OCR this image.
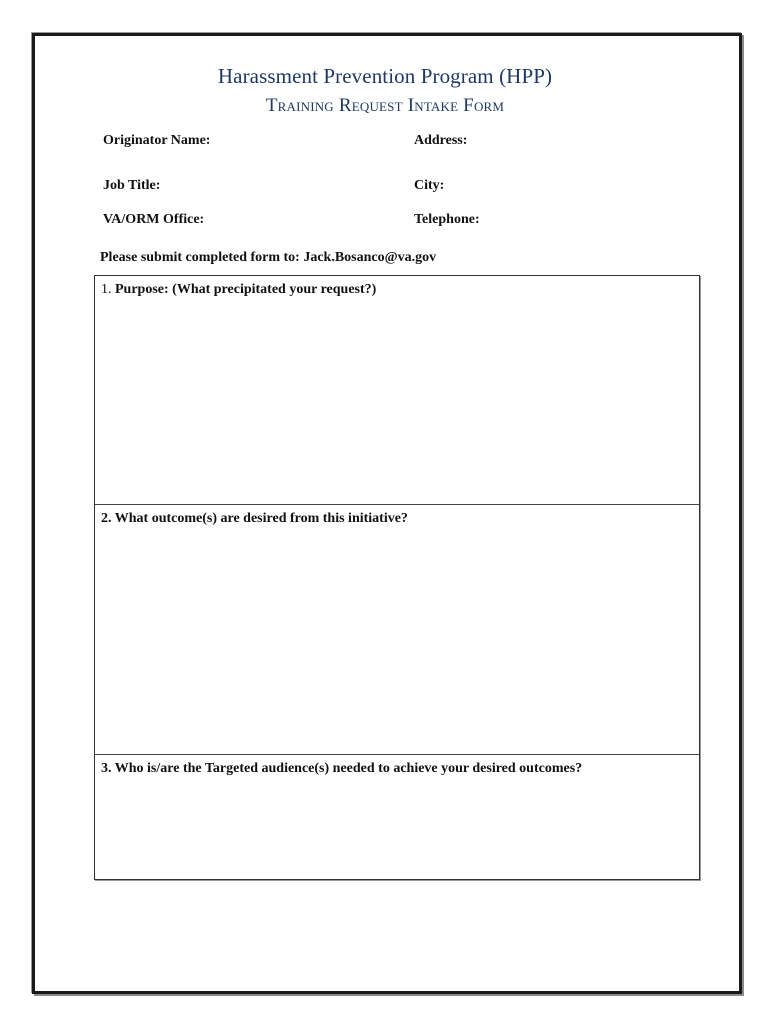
Harassment Prevention Program (HPP)
Training Request Intake Form
Originator Name:	Address:
Job Title:	City:
VA/ORM Office:	Telephone:
Please submit completed form to: Jack.Bosanco@va.gov
1. Purpose: (What precipitated your request?)
2. What outcome(s) are desired from this initiative?
3. Who is/are the Targeted audience(s) needed to achieve your desired outcomes?
